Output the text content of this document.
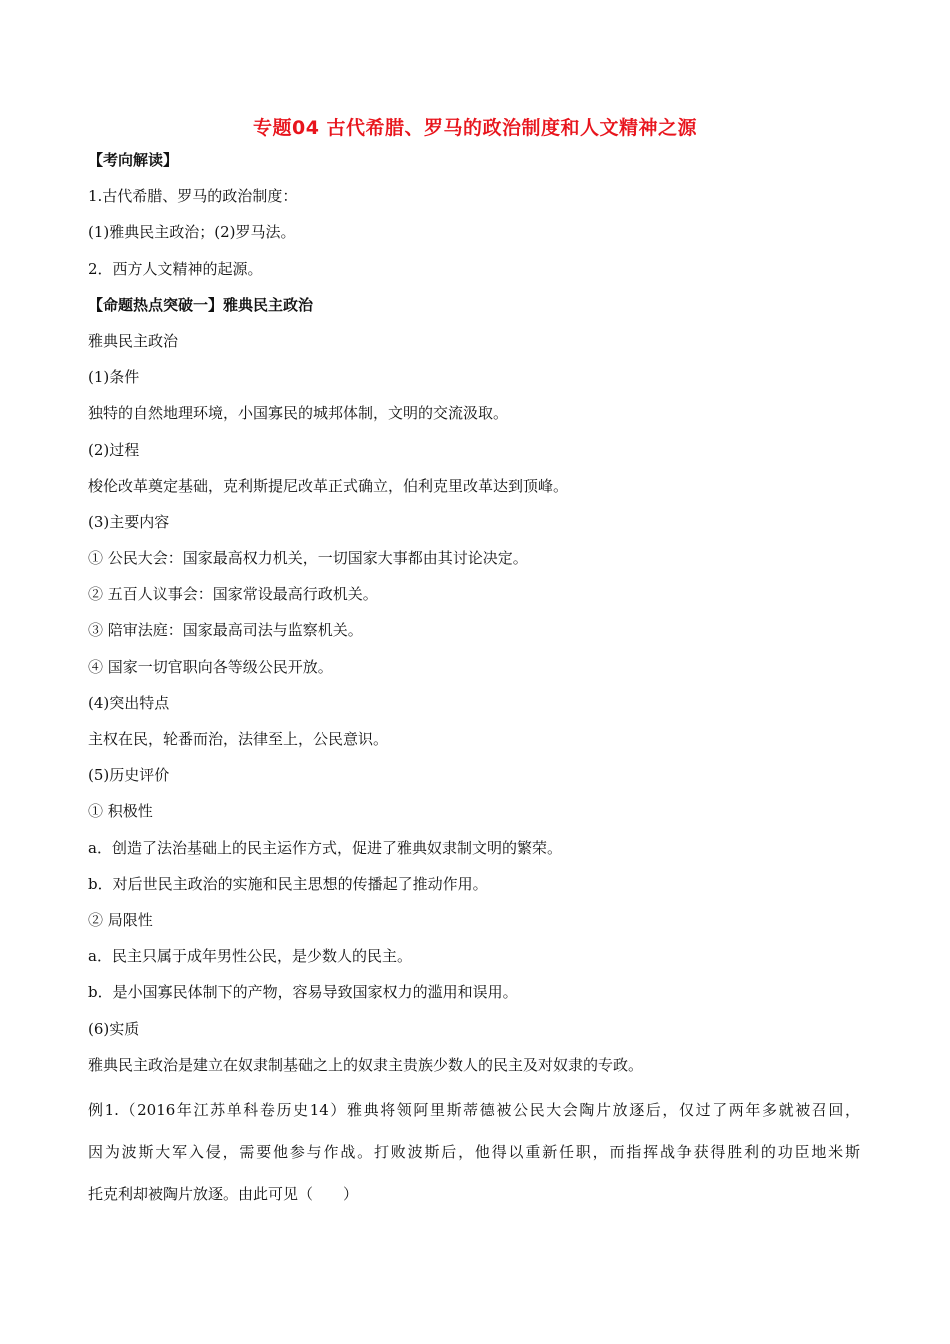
专题04 古代希腊、罗马的政治制度和人文精神之源
【考向解读】
1.古代希腊、罗马的政治制度：
(1)雅典民主政治；(2)罗马法。
2．西方人文精神的起源。
【命题热点突破一】雅典民主政治
雅典民主政治
(1)条件
独特的自然地理环境，小国寡民的城邦体制，文明的交流汲取。
(2)过程
梭伦改革奠定基础，克利斯提尼改革正式确立，伯利克里改革达到顶峰。
(3)主要内容
① 公民大会：国家最高权力机关，一切国家大事都由其讨论决定。
② 五百人议事会：国家常设最高行政机关。
③ 陪审法庭：国家最高司法与监察机关。
④ 国家一切官职向各等级公民开放。
(4)突出特点
主权在民，轮番而治，法律至上，公民意识。
(5)历史评价
① 积极性
a．创造了法治基础上的民主运作方式，促进了雅典奴隶制文明的繁荣。
b．对后世民主政治的实施和民主思想的传播起了推动作用。
② 局限性
a．民主只属于成年男性公民，是少数人的民主。
b．是小国寡民体制下的产物，容易导致国家权力的滥用和误用。
(6)实质
雅典民主政治是建立在奴隶制基础之上的奴隶主贵族少数人的民主及对奴隶的专政。
例1.（2016年江苏单科卷历史14）雅典将领阿里斯蒂德被公民大会陶片放逐后，仅过了两年多就被召回，
因为波斯大军入侵，需要他参与作战。打败波斯后，他得以重新任职，而指挥战争获得胜利的功臣地米斯
托克利却被陶片放逐。由此可见（　　）
